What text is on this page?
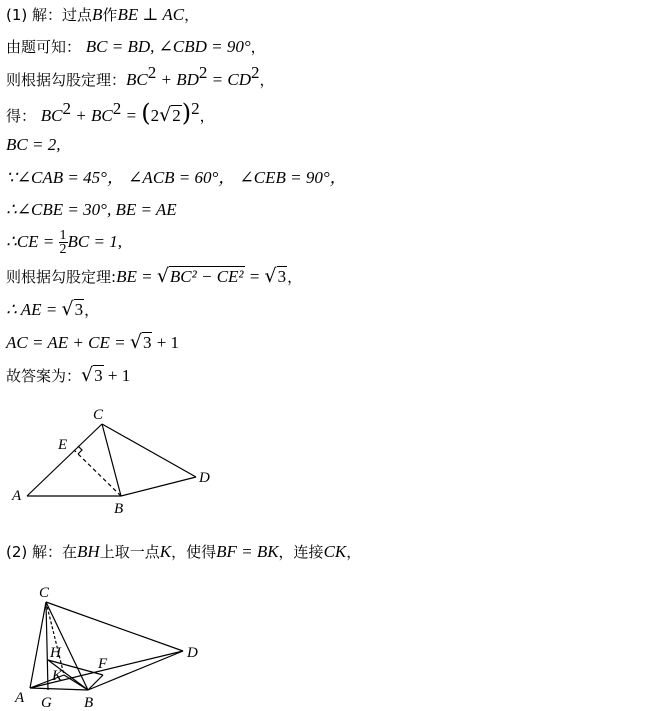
(1) 解：过点B作BE ⊥ AC，
由题可知： BC = BD, ∠CBD = 90°，
则根据勾股定理：$BC^2 + BD^2 = CD^2$，
得： $BC^2 + BC^2 = (2√2)^2$，
BC = 2,
∵∠CAB = 45°， ∠ACB = 60°， ∠CEB = 90°，
∴∠CBE = 30°, BE = AE
∴CE = $\frac{1}{2}$ BC = 1,
则根据勾股定理:BE = √BC² − CE² = √3，
∴ AE = √3，
AC = AE + CE = √3 + 1
故答案为：√3 + 1
C
E
D
A
B
(2) 解：在BH上取一点K，使得BF = BK，连接CK，
C
H
K
F
D
A G B
